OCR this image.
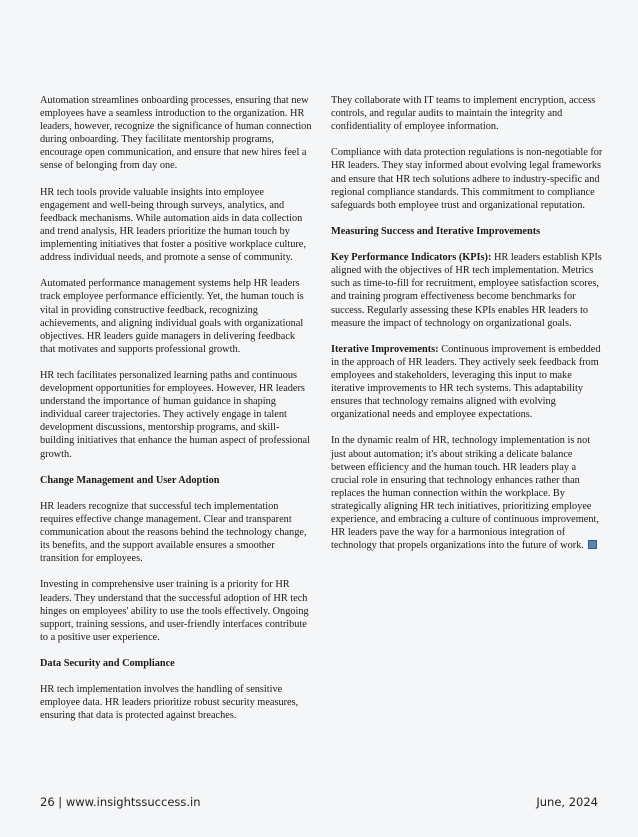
Automation streamlines onboarding processes, ensuring that new employees have a seamless introduction to the organization. HR leaders, however, recognize the significance of human connection during onboarding. They facilitate mentorship programs, encourage open communication, and ensure that new hires feel a sense of belonging from day one.

HR tech tools provide valuable insights into employee engagement and well-being through surveys, analytics, and feedback mechanisms. While automation aids in data collection and trend analysis, HR leaders prioritize the human touch by implementing initiatives that foster a positive workplace culture, address individual needs, and promote a sense of community.

Automated performance management systems help HR leaders track employee performance efficiently. Yet, the human touch is vital in providing constructive feedback, recognizing achievements, and aligning individual goals with organizational objectives. HR leaders guide managers in delivering feedback that motivates and supports professional growth.

HR tech facilitates personalized learning paths and continuous development opportunities for employees. However, HR leaders understand the importance of human guidance in shaping individual career trajectories. They actively engage in talent development discussions, mentorship programs, and skill-building initiatives that enhance the human aspect of professional growth.

Change Management and User Adoption

HR leaders recognize that successful tech implementation requires effective change management. Clear and transparent communication about the reasons behind the technology change, its benefits, and the support available ensures a smoother transition for employees.

Investing in comprehensive user training is a priority for HR leaders. They understand that the successful adoption of HR tech hinges on employees' ability to use the tools effectively. Ongoing support, training sessions, and user-friendly interfaces contribute to a positive user experience.

Data Security and Compliance

HR tech implementation involves the handling of sensitive employee data. HR leaders prioritize robust security measures, ensuring that data is protected against breaches.

They collaborate with IT teams to implement encryption, access controls, and regular audits to maintain the integrity and confidentiality of employee information.

Compliance with data protection regulations is non-negotiable for HR leaders. They stay informed about evolving legal frameworks and ensure that HR tech solutions adhere to industry-specific and regional compliance standards. This commitment to compliance safeguards both employee trust and organizational reputation.

Measuring Success and Iterative Improvements

Key Performance Indicators (KPIs): HR leaders establish KPIs aligned with the objectives of HR tech implementation. Metrics such as time-to-fill for recruitment, employee satisfaction scores, and training program effectiveness become benchmarks for success. Regularly assessing these KPIs enables HR leaders to measure the impact of technology on organizational goals.

Iterative Improvements: Continuous improvement is embedded in the approach of HR leaders. They actively seek feedback from employees and stakeholders, leveraging this input to make iterative improvements to HR tech systems. This adaptability ensures that technology remains aligned with evolving organizational needs and employee expectations.

In the dynamic realm of HR, technology implementation is not just about automation; it's about striking a delicate balance between efficiency and the human touch. HR leaders play a crucial role in ensuring that technology enhances rather than replaces the human connection within the workplace. By strategically aligning HR tech initiatives, prioritizing employee experience, and embracing a culture of continuous improvement, HR leaders pave the way for a harmonious integration of technology that propels organizations into the future of work.

26 | www.insightssuccess.in	June, 2024
